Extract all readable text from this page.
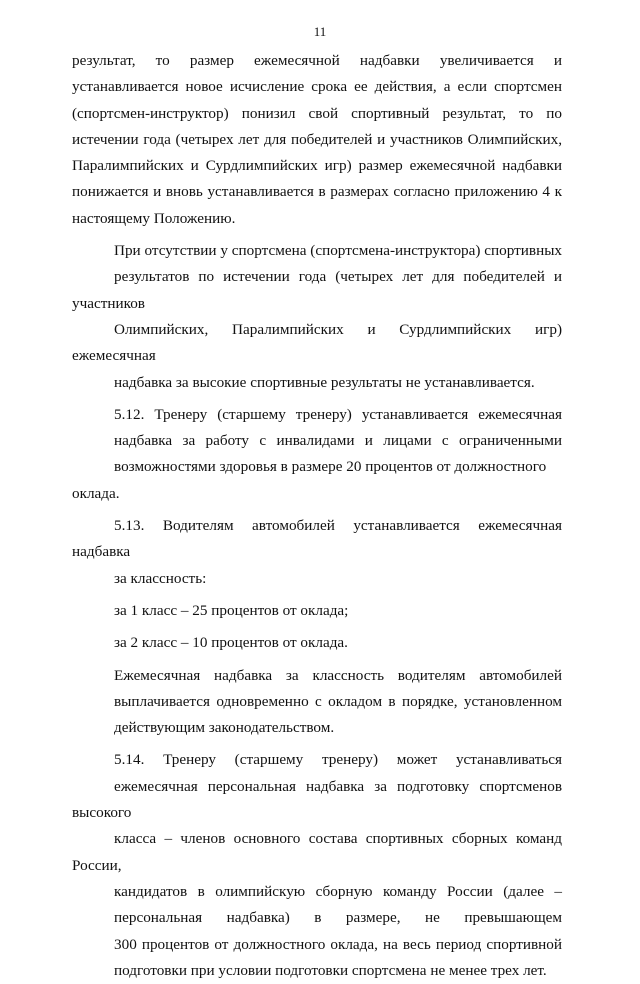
11
результат, то размер ежемесячной надбавки увеличивается и
устанавливается новое исчисление срока ее действия, а если спортсмен
(спортсмен-инструктор) понизил свой спортивный результат, то по
истечении года (четырех лет для победителей и участников Олимпийских,
Паралимпийских и Сурдлимпийских игр) размер ежемесячной надбавки
понижается и вновь устанавливается в размерах согласно приложению 4 к
настоящему Положению.
При отсутствии у спортсмена (спортсмена-инструктора) спортивных
результатов по истечении года (четырех лет для победителей и участников
Олимпийских, Паралимпийских и Сурдлимпийских игр) ежемесячная
надбавка за высокие спортивные результаты не устанавливается.
5.12. Тренеру (старшему тренеру) устанавливается ежемесячная
надбавка за работу с инвалидами и лицами с ограниченными
возможностями здоровья в размере 20 процентов от должностного оклада.
5.13. Водителям автомобилей устанавливается ежемесячная надбавка
за классность:
за 1 класс – 25 процентов от оклада;
за 2 класс – 10 процентов от оклада.
Ежемесячная надбавка за классность водителям автомобилей
выплачивается одновременно с окладом в порядке, установленном
действующим законодательством.
5.14. Тренеру (старшему тренеру) может устанавливаться
ежемесячная персональная надбавка за подготовку спортсменов высокого
класса – членов основного состава спортивных сборных команд России,
кандидатов в олимпийскую сборную команду России (далее –
персональная надбавка) в размере, не превышающем
300 процентов от должностного оклада, на весь период спортивной
подготовки при условии подготовки спортсмена не менее трех лет.
